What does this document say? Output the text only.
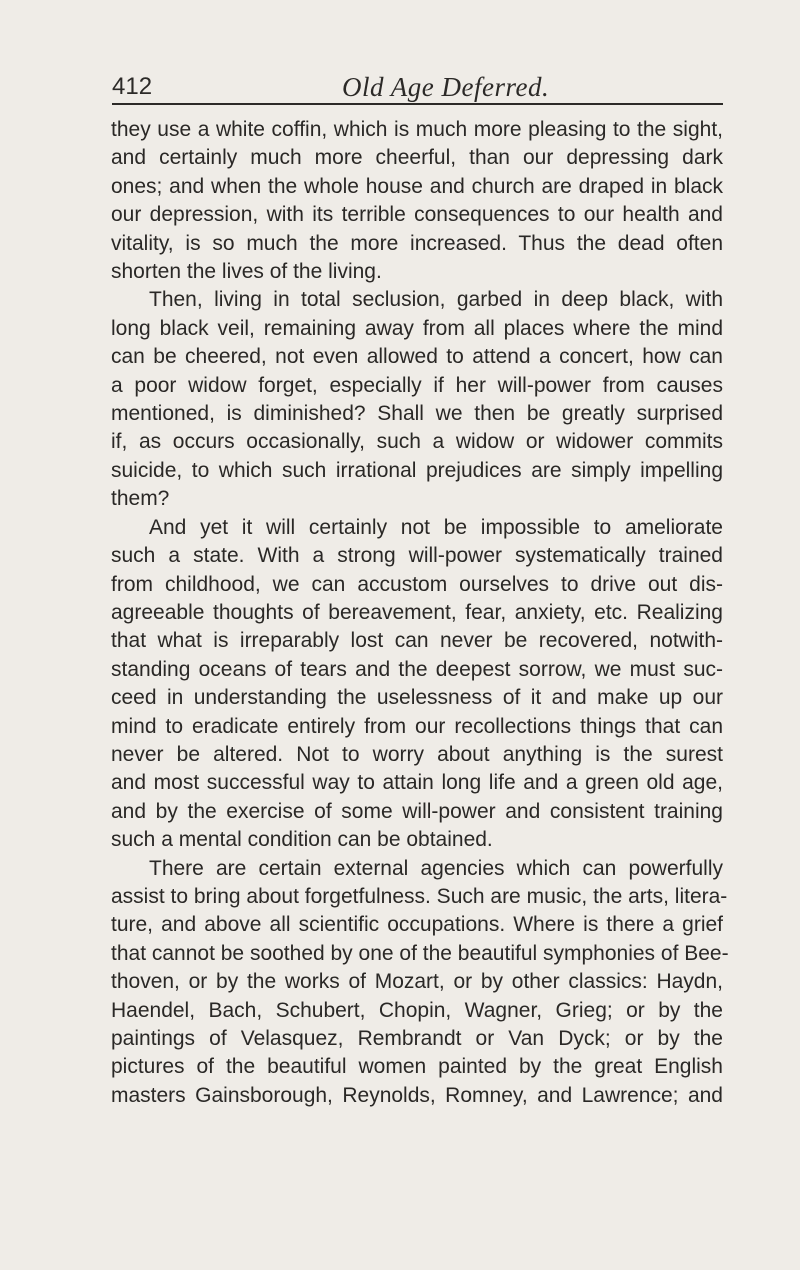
412	Old Age Deferred.
they use a white coffin, which is much more pleasing to the sight,
and certainly much more cheerful, than our depressing dark
ones; and when the whole house and church are draped in black
our depression, with its terrible consequences to our health and
vitality, is so much the more increased. Thus the dead often
shorten the lives of the living.
Then, living in total seclusion, garbed in deep black, with
long black veil, remaining away from all places where the mind
can be cheered, not even allowed to attend a concert, how can
a poor widow forget, especially if her will-power from causes
mentioned, is diminished? Shall we then be greatly surprised
if, as occurs occasionally, such a widow or widower commits
suicide, to which such irrational prejudices are simply impelling
them?
And yet it will certainly not be impossible to ameliorate
such a state. With a strong will-power systematically trained
from childhood, we can accustom ourselves to drive out dis-
agreeable thoughts of bereavement, fear, anxiety, etc. Realizing
that what is irreparably lost can never be recovered, notwith-
standing oceans of tears and the deepest sorrow, we must suc-
ceed in understanding the uselessness of it and make up our
mind to eradicate entirely from our recollections things that can
never be altered. Not to worry about anything is the surest
and most successful way to attain long life and a green old age,
and by the exercise of some will-power and consistent training
such a mental condition can be obtained.
There are certain external agencies which can powerfully
assist to bring about forgetfulness. Such are music, the arts, litera-
ture, and above all scientific occupations. Where is there a grief
that cannot be soothed by one of the beautiful symphonies of Bee-
thoven, or by the works of Mozart, or by other classics: Haydn,
Haendel, Bach, Schubert, Chopin, Wagner, Grieg; or by the
paintings of Velasquez, Rembrandt or Van Dyck; or by the
pictures of the beautiful women painted by the great English
masters Gainsborough, Reynolds, Romney, and Lawrence; and
